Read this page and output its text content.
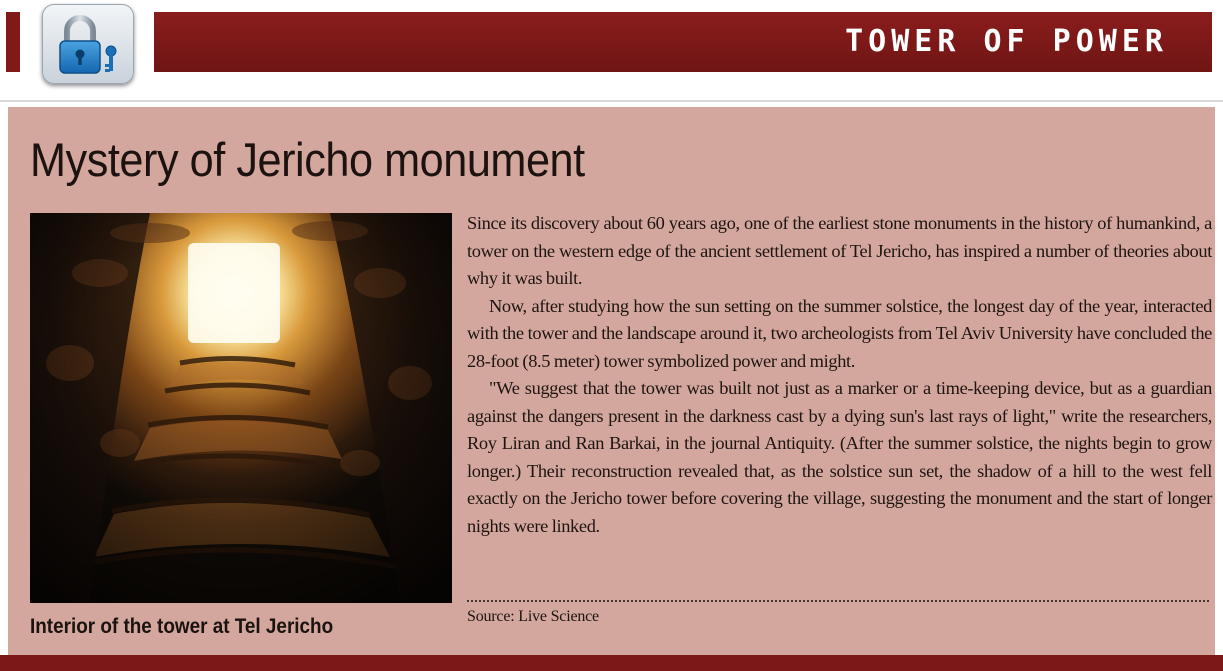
TOWER OF POWER
Mystery of Jericho monument
Interior of the tower at Tel Jericho

Since its discovery about 60 years ago, one of the earliest stone monuments in the history of humankind, a tower on the western edge of the ancient settlement of Tel Jericho, has inspired a number of theories about why it was built.

Now, after studying how the sun setting on the summer solstice, the longest day of the year, interacted with the tower and the landscape around it, two archeologists from Tel Aviv University have concluded the 28-foot (8.5 meter) tower symbolized power and might.

"We suggest that the tower was built not just as a marker or a time-keeping device, but as a guardian against the dangers present in the darkness cast by a dying sun's last rays of light," write the researchers, Roy Liran and Ran Barkai, in the journal Antiquity. (After the summer solstice, the nights begin to grow longer.) Their reconstruction revealed that, as the solstice sun set, the shadow of a hill to the west fell exactly on the Jericho tower before covering the village, suggesting the monument and the start of longer nights were linked.

Source: Live Science
